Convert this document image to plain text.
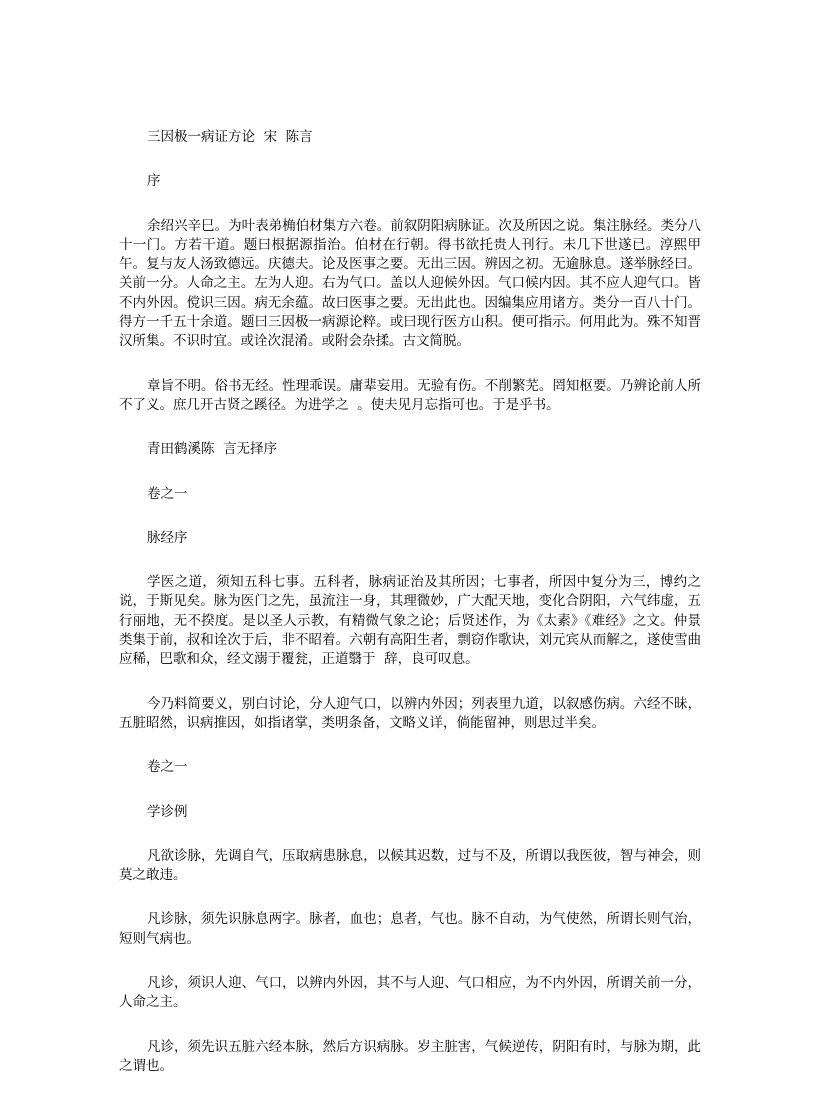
三因极一病证方论  宋  陈言

序

余绍兴辛巳。为叶表弟桷伯材集方六卷。前叙阴阳病脉证。次及所因之说。集注脉经。类分八十一门。方若干道。题曰根据源指治。伯材在行朝。得书欲托贵人刊行。未几下世遂已。淳熙甲午。复与友人汤致德远。庆德夫。论及医事之要。无出三因。辨因之初。无逾脉息。遂举脉经曰。关前一分。人命之主。左为人迎。右为气口。盖以人迎候外因。气口候内因。其不应人迎气口。皆不内外因。傥识三因。病无余蕴。故曰医事之要。无出此也。因编集应用诸方。类分一百八十门。得方一千五十余道。题曰三因极一病源论粹。或曰现行医方山积。便可指示。何用此为。殊不知晋汉所集。不识时宜。或诠次混淆。或附会杂揉。古文简脱。

章旨不明。俗书无经。性理乖误。庸辈妄用。无验有伤。不削繁芜。罔知枢要。乃辨论前人所不了义。庶几开古贤之蹊径。为进学之  。使夫见月忘指可也。于是乎书。

青田鹤溪陈  言无择序

卷之一

脉经序

学医之道，须知五科七事。五科者，脉病证治及其所因；七事者，所因中复分为三，博约之说，于斯见矣。脉为医门之先，虽流注一身，其理微妙，广大配天地，变化合阴阳，六气纬虚，五行丽地，无不揆度。是以圣人示教，有精微气象之论；后贤述作，为《太素》《难经》之文。仲景类集于前，叔和诠次于后，非不昭着。六朝有高阳生者，剽窃作歌诀，刘元宾从而解之，遂使雪曲应稀，巴歌和众，经文溺于覆瓮，正道翳于  辞，良可叹息。

今乃料简要义，别白讨论，分人迎气口，以辨内外因；列表里九道，以叙感伤病。六经不昧，五脏昭然，识病推因，如指诸掌，类明条备，文略义详，倘能留神，则思过半矣。

卷之一

学诊例

凡欲诊脉，先调自气，压取病患脉息，以候其迟数，过与不及，所谓以我医彼，智与神会，则莫之敢违。

凡诊脉，须先识脉息两字。脉者，血也；息者，气也。脉不自动，为气使然，所谓长则气治，短则气病也。

凡诊，须识人迎、气口，以辨内外因，其不与人迎、气口相应，为不内外因，所谓关前一分，人命之主。

凡诊，须先识五脏六经本脉，然后方识病脉。岁主脏害，气候逆传，阴阳有时，与脉为期，此之谓也。
